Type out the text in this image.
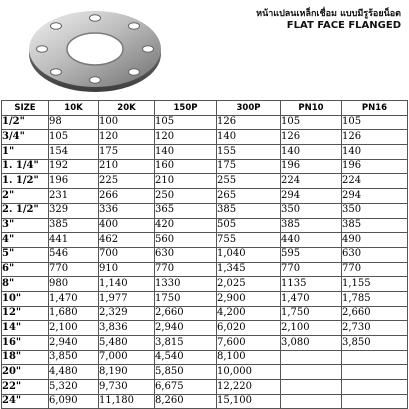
หน้าแปลนเหล็กเชื่อม แบบมีรูร้อยน็อต
FLAT FACE FLANGED
SIZE	10K	20K	150P	300P	PN10	PN16
1/2"	98	100	105	126	105	105
3/4"	105	120	120	140	126	126
1"	154	175	140	155	140	140
1. 1/4"	192	210	160	175	196	196
1. 1/2"	196	225	210	255	224	224
2"	231	266	250	265	294	294
2. 1/2"	329	336	365	385	350	350
3"	385	400	420	505	385	385
4"	441	462	560	755	440	490
5"	546	700	630	1,040	595	630
6"	770	910	770	1,345	770	770
8"	980	1,140	1330	2,025	1135	1,155
10"	1,470	1,977	1750	2,900	1,470	1,785
12"	1,680	2,329	2,660	4,200	1,750	2,660
14"	2,100	3,836	2,940	6,020	2,100	2,730
16"	2,940	5,480	3,815	7,600	3,080	3,850
18"	3,850	7,000	4,540	8,100		
20"	4,480	8,190	5,850	10,000		
22"	5,320	9,730	6,675	12,220		
24"	6,090	11,180	8,260	15,100		
